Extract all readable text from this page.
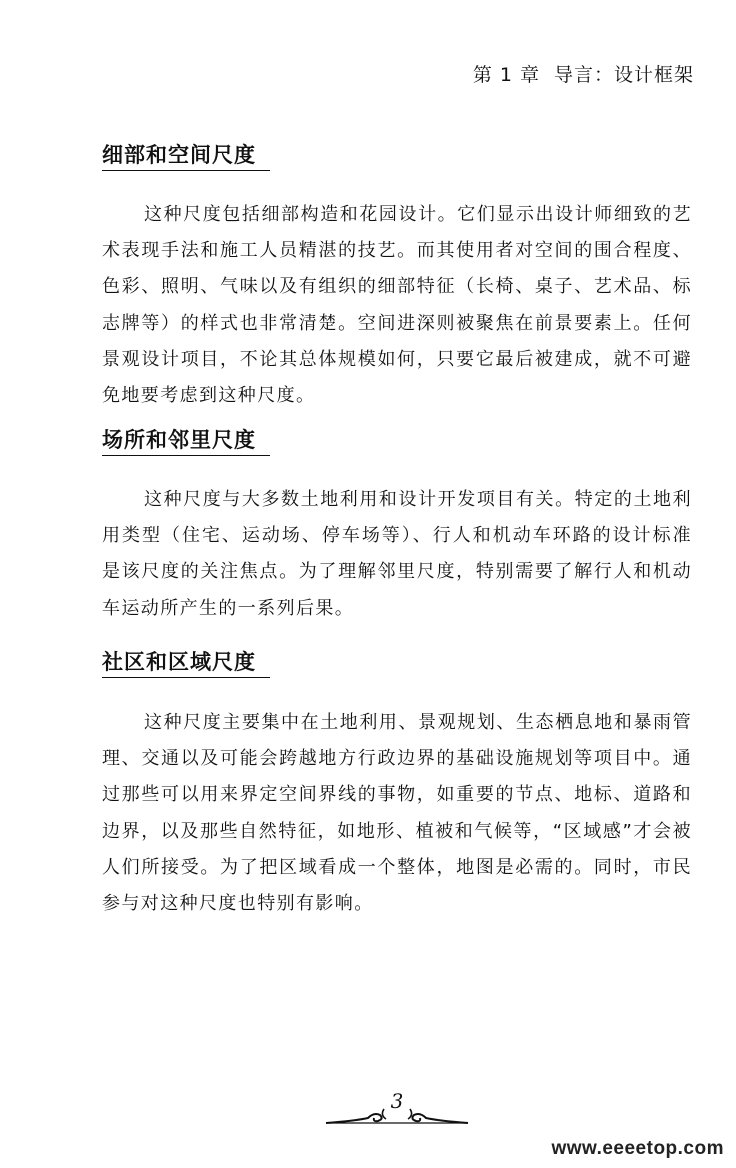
第 1 章 导言：设计框架
细部和空间尺度

这种尺度包括细部构造和花园设计。它们显示出设计师细致的艺术表现手法和施工人员精湛的技艺。而其使用者对空间的围合程度、色彩、照明、气味以及有组织的细部特征（长椅、桌子、艺术品、标志牌等）的样式也非常清楚。空间进深则被聚焦在前景要素上。任何景观设计项目，不论其总体规模如何，只要它最后被建成，就不可避免地要考虑到这种尺度。

场所和邻里尺度

这种尺度与大多数土地利用和设计开发项目有关。特定的土地利用类型（住宅、运动场、停车场等）、行人和机动车环路的设计标准是该尺度的关注焦点。为了理解邻里尺度，特别需要了解行人和机动车运动所产生的一系列后果。

社区和区域尺度

这种尺度主要集中在土地利用、景观规划、生态栖息地和暴雨管理、交通以及可能会跨越地方行政边界的基础设施规划等项目中。通过那些可以用来界定空间界线的事物，如重要的节点、地标、道路和边界，以及那些自然特征，如地形、植被和气候等，“区域感”才会被人们所接受。为了把区域看成一个整体，地图是必需的。同时，市民参与对这种尺度也特别有影响。

3
www.eeeetop.com
